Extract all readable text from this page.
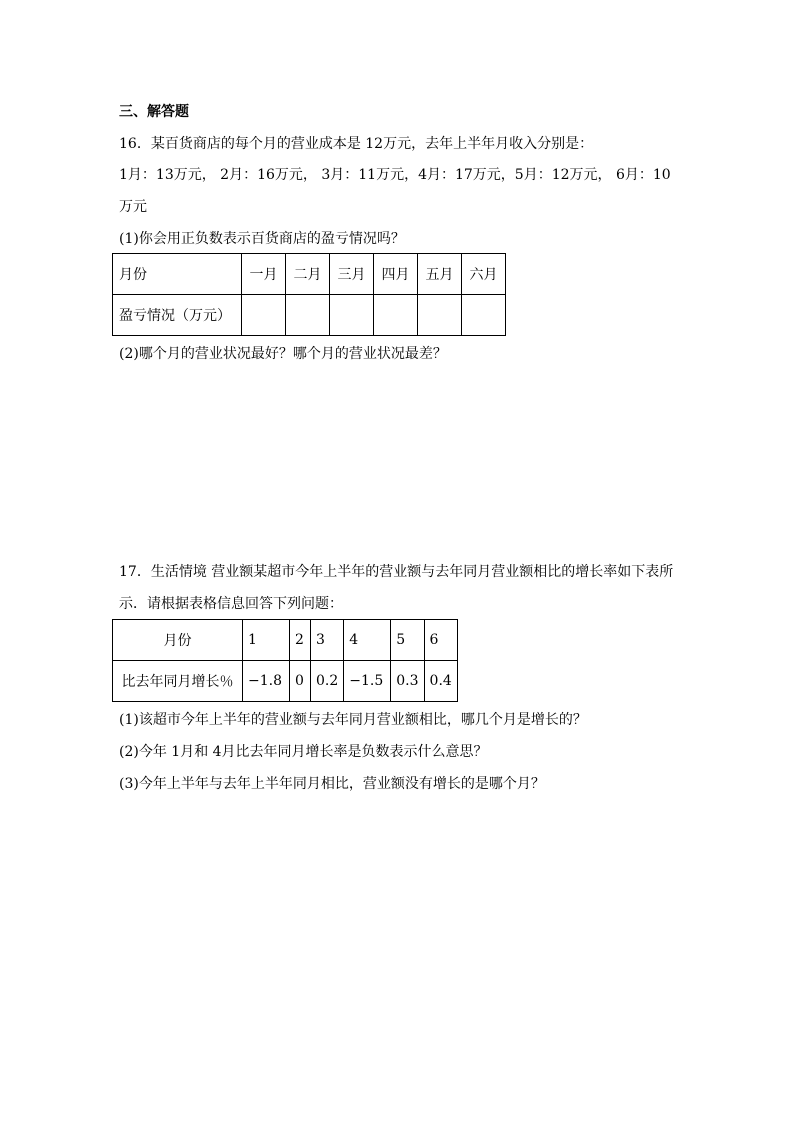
三、解答题
16．某百货商店的每个月的营业成本是 12万元，去年上半年月收入分别是：
1月：13万元， 2月：16万元， 3月：11万元，4月：17万元，5月：12万元， 6月：10
万元
(1)你会用正负数表示百货商店的盈亏情况吗？
月份	一月	二月	三月	四月	五月	六月
盈亏情况（万元）						
(2)哪个月的营业状况最好？哪个月的营业状况最差？
17．生活情境 营业额某超市今年上半年的营业额与去年同月营业额相比的增长率如下表所
示．请根据表格信息回答下列问题：
月份	1	2	3	4	5	6
比去年同月增长％	−1.8	0	0.2	−1.5	0.3	0.4
(1)该超市今年上半年的营业额与去年同月营业额相比，哪几个月是增长的？
(2)今年 1月和 4月比去年同月增长率是负数表示什么意思？
(3)今年上半年与去年上半年同月相比，营业额没有增长的是哪个月？
